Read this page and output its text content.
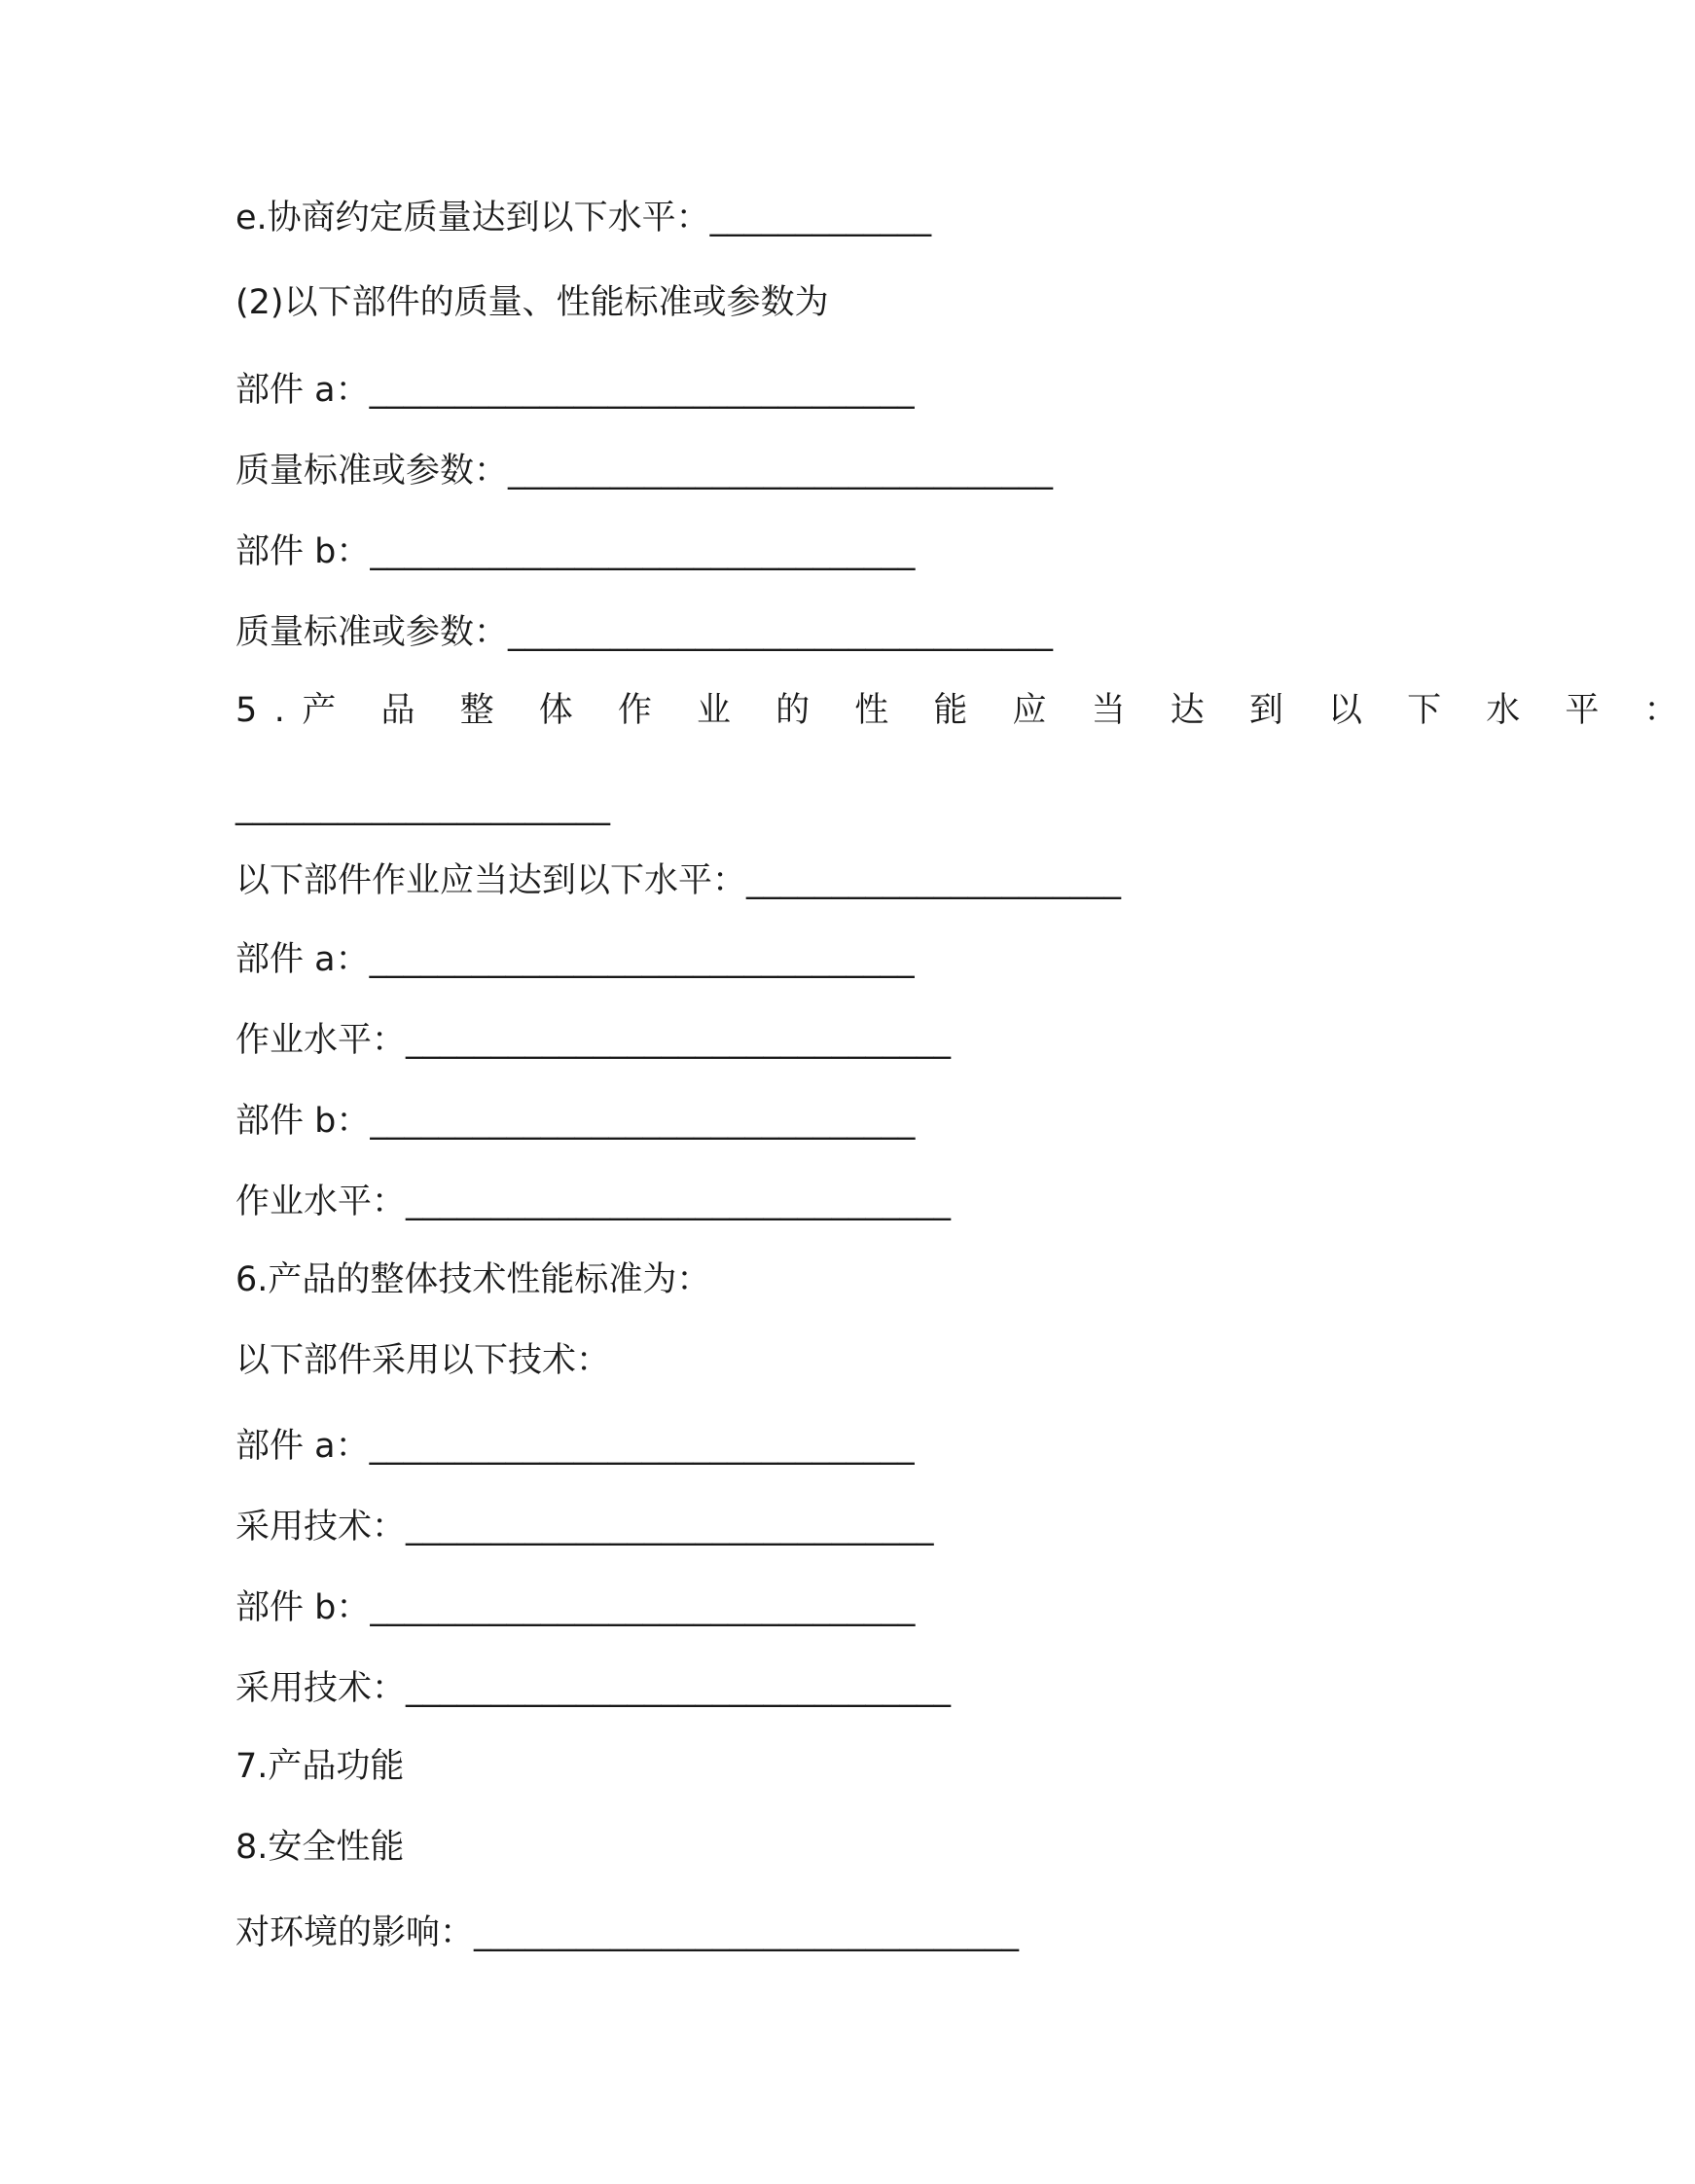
e.协商约定质量达到以下水平：_____________
(2)以下部件的质量、性能标准或参数为
部件 a：________________________________
质量标准或参数：________________________________
部件 b：________________________________
质量标准或参数：________________________________
5.产 品 整 体 作 业 的 性 能 应 当 达 到 以 下 水 平 ：
______________________
以下部件作业应当达到以下水平：______________________
部件 a：________________________________
作业水平：________________________________
部件 b：________________________________
作业水平：________________________________
6.产品的整体技术性能标准为：
以下部件采用以下技术：
部件 a：________________________________
采用技术：_______________________________
部件 b：________________________________
采用技术：________________________________
7.产品功能
8.安全性能
对环境的影响：________________________________
